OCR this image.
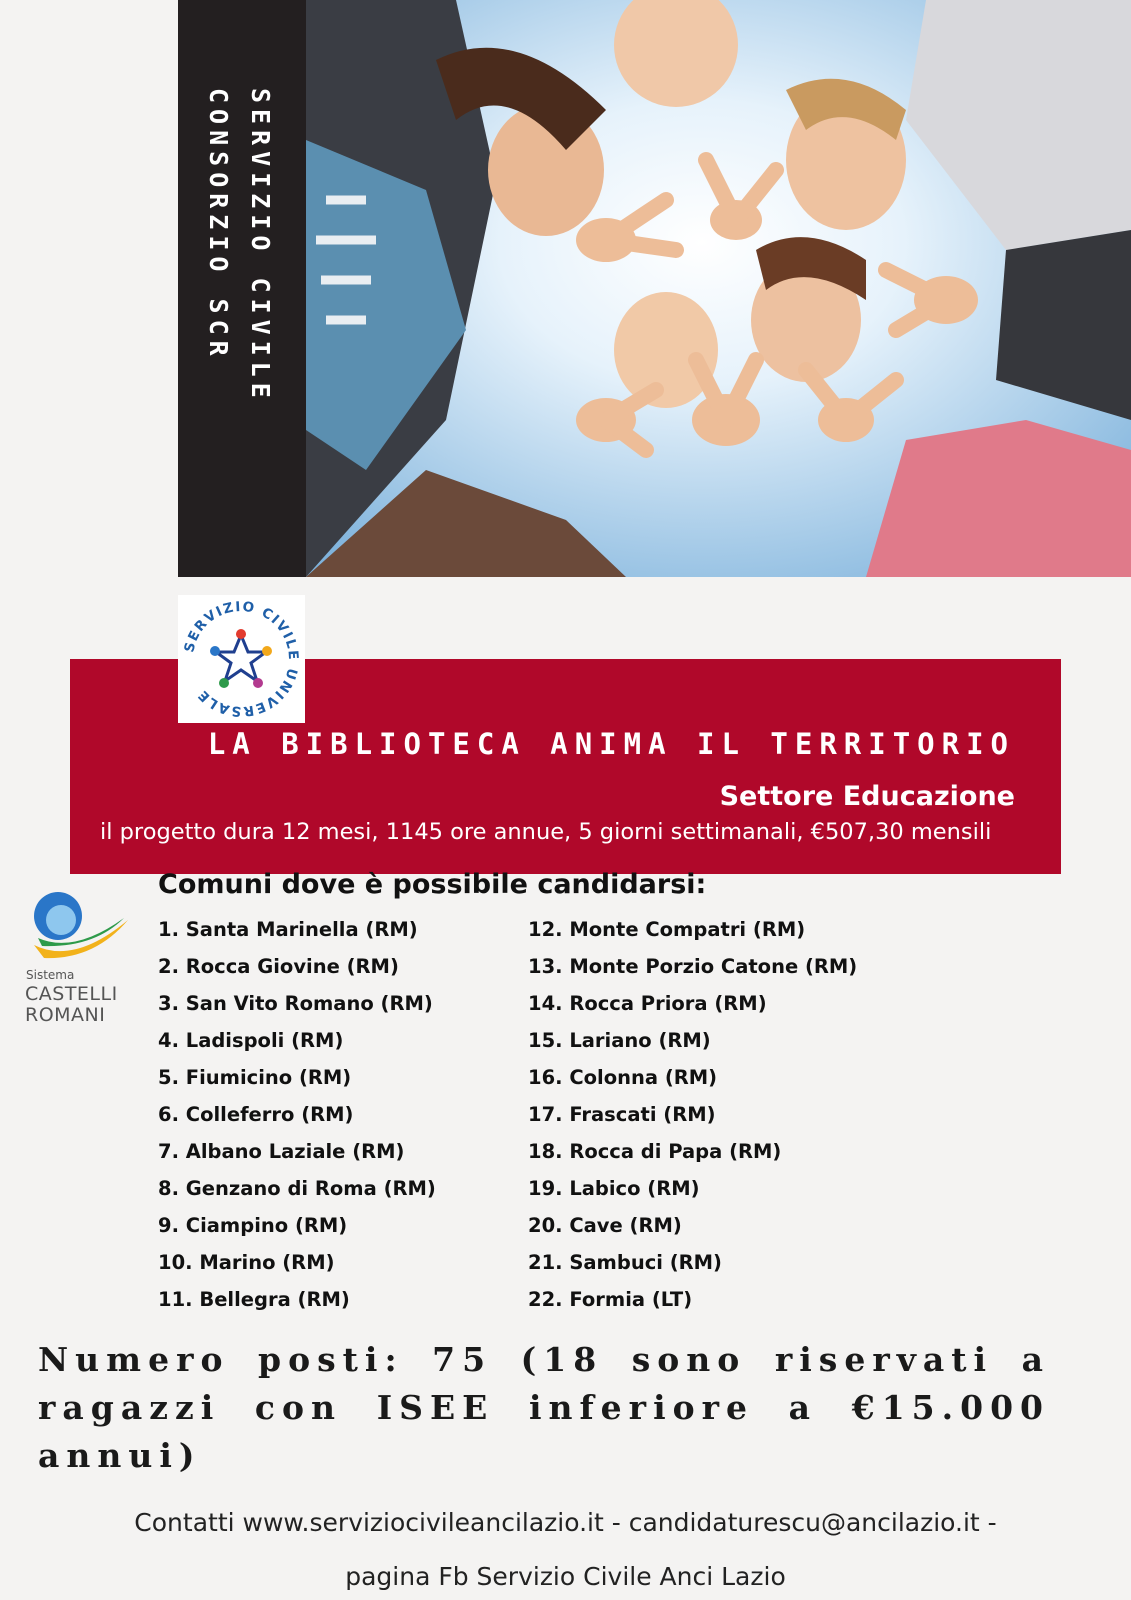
SERVIZIO CIVILE
CONSORZIO SCR
LA BIBLIOTECA ANIMA IL TERRITORIO
Settore Educazione
il progetto dura 12 mesi, 1145 ore annue, 5 giorni settimanali, €507,30 mensili
SERVIZIO CIVILE UNIVERSALE
Sistema
CASTELLI
ROMANI
Comuni dove è possibile candidarsi:
1. Santa Marinella (RM)
2. Rocca Giovine (RM)
3. San Vito Romano (RM)
4. Ladispoli (RM)
5. Fiumicino (RM)
6. Colleferro (RM)
7. Albano Laziale (RM)
8. Genzano di Roma (RM)
9. Ciampino (RM)
10. Marino (RM)
11. Bellegra (RM)
12. Monte Compatri (RM)
13. Monte Porzio Catone (RM)
14. Rocca Priora (RM)
15. Lariano (RM)
16. Colonna (RM)
17. Frascati (RM)
18. Rocca di Papa (RM)
19. Labico (RM)
20. Cave (RM)
21. Sambuci (RM)
22. Formia (LT)

Numero posti: 75 (18 sono riservati a ragazzi con ISEE inferiore a €15.000 annui)

Contatti www.serviziocivileancilazio.it - candidaturescu@ancilazio.it -
pagina Fb Servizio Civile Anci Lazio
